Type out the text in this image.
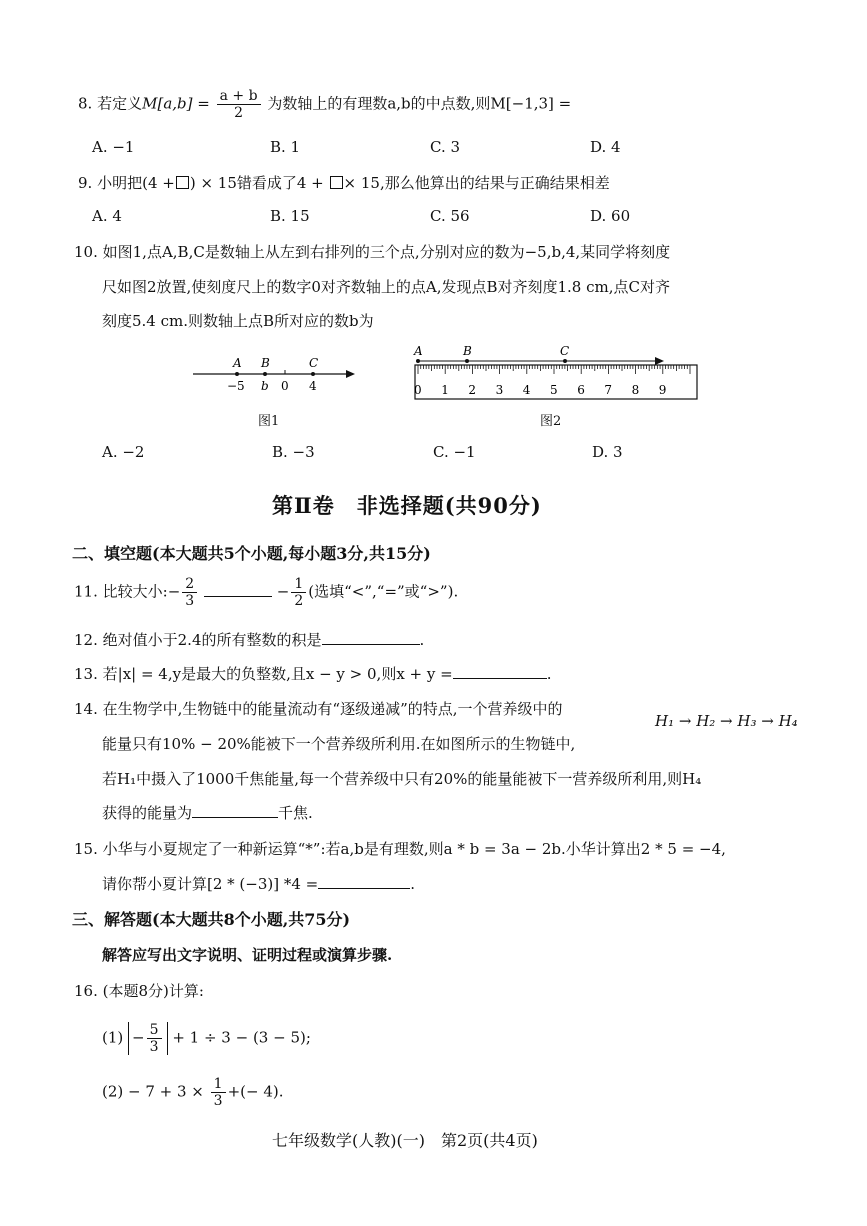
8. 若定义$M[a,b] = \frac{a + b}{2}$ 为数轴上的有理数a,b的中点数,则M[−1,3] =
A. −1	B. 1	C. 3	D. 4
9. 小明把(4 + ) × 15错看成了4 + × 15,那么他算出的结果与正确结果相差
A. 4	B. 15	C. 56	D. 60
10. 如图1,点A,B,C是数轴上从左到右排列的三个点,分别对应的数为−5,b,4,某同学将刻度
尺如图2放置,使刻度尺上的数字0对齐数轴上的点A,发现点B对齐刻度1.8 cm,点C对齐
刻度5.4 cm.则数轴上点B所对应的数b为
A B	C
−5 b 0 4
图1
A	B	C
0 1 2 3 4 5 6 7 8 9
图2
A. −2	B. −3	C. −1	D. 3
第Ⅱ卷　非选择题(共90分)
二、填空题(本大题共5个小题,每小题3分,共15分)
11. 比较大小:− $\frac{2}{3}$	− $\frac{1}{2}$ (选填“<”,“=”或“>”).
12. 绝对值小于2.4的所有整数的积是	.
13. 若|x| = 4,y是最大的负整数,且x − y > 0,则x + y =	.
14. 在生物学中,生物链中的能量流动有“逐级递减”的特点,一个营养级中的
H₁ → H₂ → H₃ → H₄
能量只有10% − 20%能被下一个营养级所利用.在如图所示的生物链中,
若H₁中摄入了1000千焦能量,每一个营养级中只有20%的能量能被下一营养级所利用,则H₄
获得的能量为	千焦.
15. 小华与小夏规定了一种新运算“*”:若a,b是有理数,则a * b = 3a − 2b.小华计算出2 * 5 = −4,
请你帮小夏计算[2 * (−3)] *4 =	.
三、解答题(本大题共8个小题,共75分)
解答应写出文字说明、证明过程或演算步骤.
16. (本题8分)计算:
$(1) - \frac{5}{3} + 1 \div 3 - (3 - 5)$;
$(2) - 7 + 3 \times \frac{1}{3}$ +(− 4).
七年级数学(人教)(一)　第2页(共4页)
